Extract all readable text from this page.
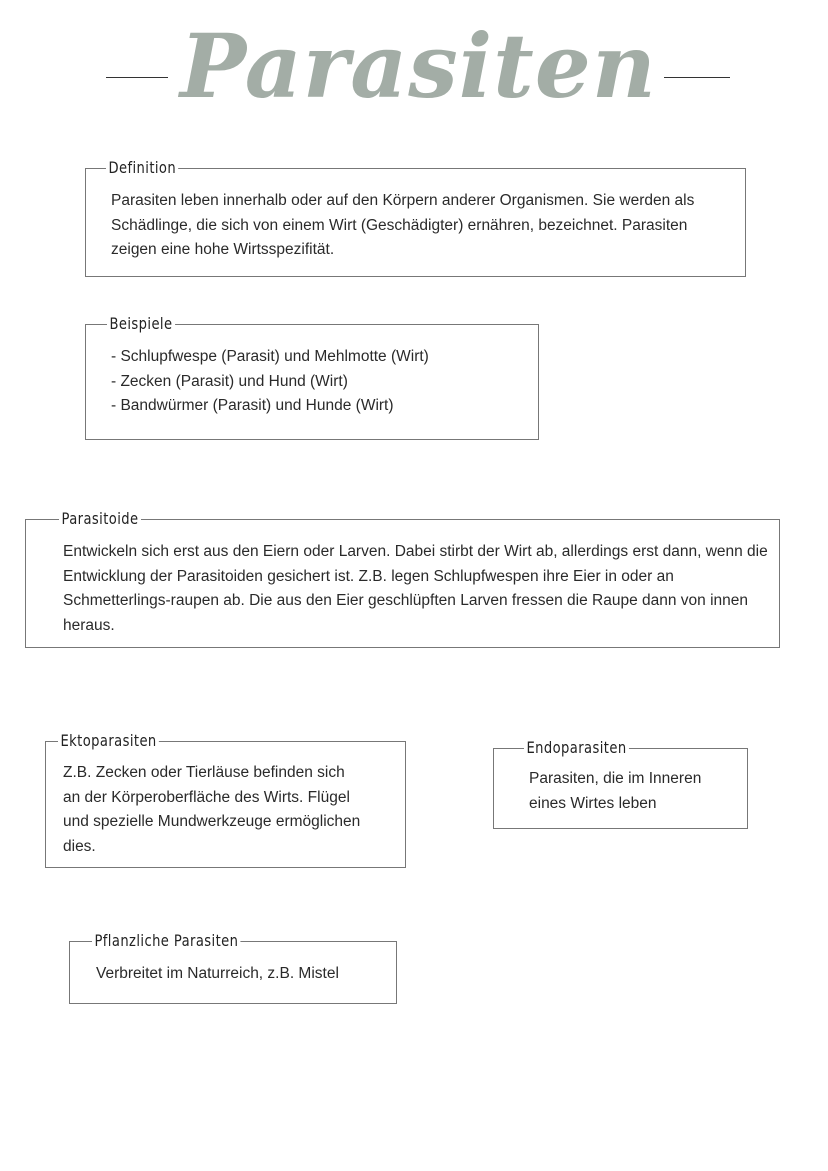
Parasiten
Definition

Parasiten leben innerhalb oder auf den Körpern anderer Organismen. Sie werden als Schädlinge, die sich von einem Wirt (Geschädigter) ernähren, bezeichnet. Parasiten zeigen eine hohe Wirtsspezifität.

Beispiele
- Schlupfwespe (Parasit) und Mehlmotte (Wirt)
- Zecken (Parasit) und Hund (Wirt)
- Bandwürmer (Parasit) und Hunde (Wirt)
Parasitoide

Entwickeln sich erst aus den Eiern oder Larven. Dabei stirbt der Wirt ab, allerdings erst dann, wenn die Entwicklung der Parasitoiden gesichert ist. Z.B. legen Schlupfwespen ihre Eier in oder an Schmetterlings-raupen ab. Die aus den Eier geschlüpften Larven fressen die Raupe dann von innen heraus.

Ektoparasiten

Z.B. Zecken oder Tierläuse befinden sich an der Körperoberfläche des Wirts. Flügel und spezielle Mundwerkzeuge ermöglichen dies.

Endoparasiten

Parasiten, die im Inneren eines Wirtes leben

Pflanzliche Parasiten

Verbreitet im Naturreich, z.B. Mistel
